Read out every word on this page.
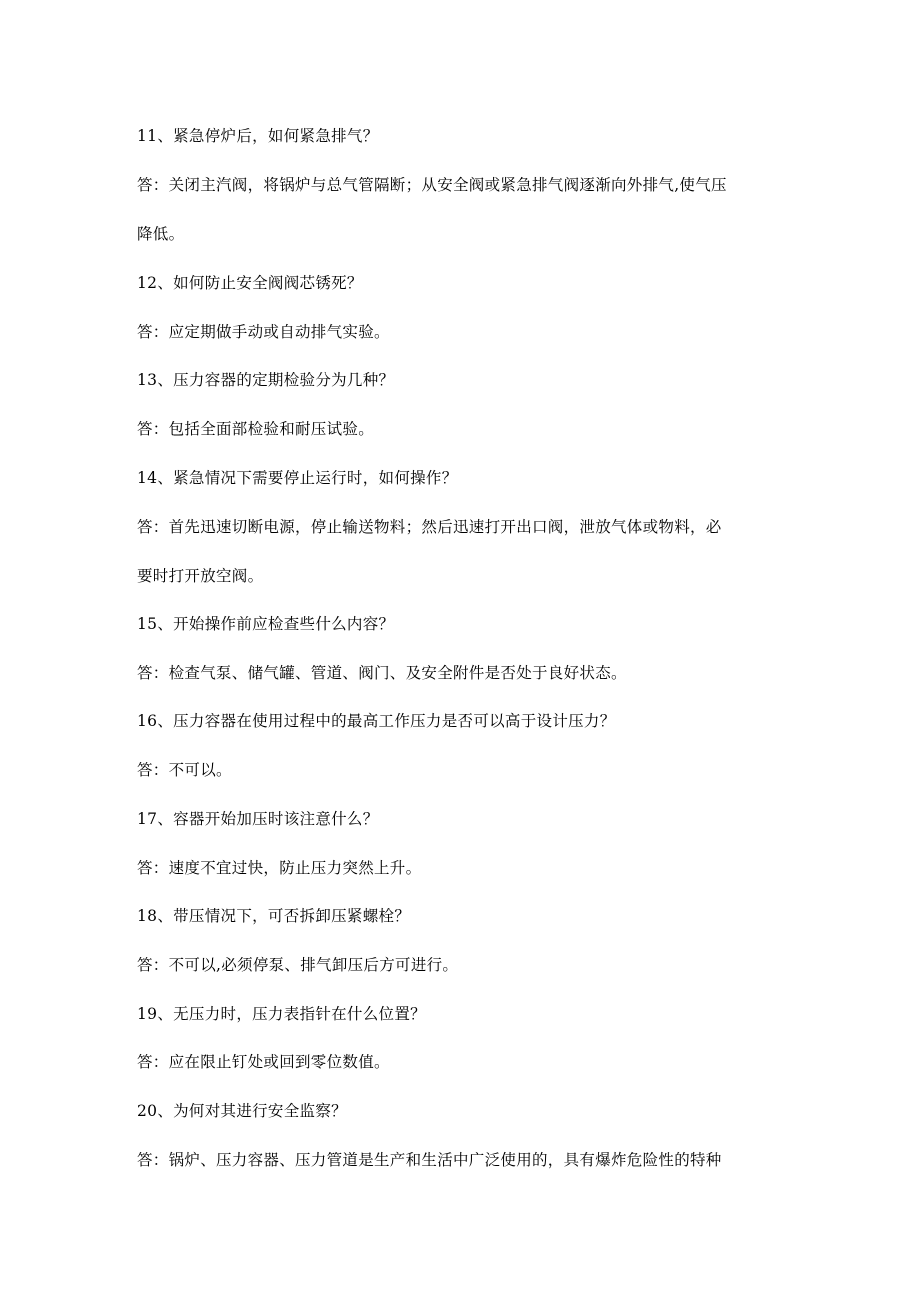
11、紧急停炉后，如何紧急排气？
答：关闭主汽阀，将锅炉与总气管隔断；从安全阀或紧急排气阀逐渐向外排气,使气压
降低。
12、如何防止安全阀阀芯锈死？
答：应定期做手动或自动排气实验。
13、压力容器的定期检验分为几种？
答：包括全面部检验和耐压试验。
14、紧急情况下需要停止运行时，如何操作？
答：首先迅速切断电源，停止输送物料；然后迅速打开出口阀，泄放气体或物料，必
要时打开放空阀。
15、开始操作前应检查些什么内容？
答：检查气泵、储气罐、管道、阀门、及安全附件是否处于良好状态。
16、压力容器在使用过程中的最高工作压力是否可以高于设计压力？
答：不可以。
17、容器开始加压时该注意什么？
答：速度不宜过快，防止压力突然上升。
18、带压情况下，可否拆卸压紧螺栓？
答：不可以,必须停泵、排气卸压后方可进行。
19、无压力时，压力表指针在什么位置？
答：应在限止钉处或回到零位数值。
20、为何对其进行安全监察？
答：锅炉、压力容器、压力管道是生产和生活中广泛使用的，具有爆炸危险性的特种
